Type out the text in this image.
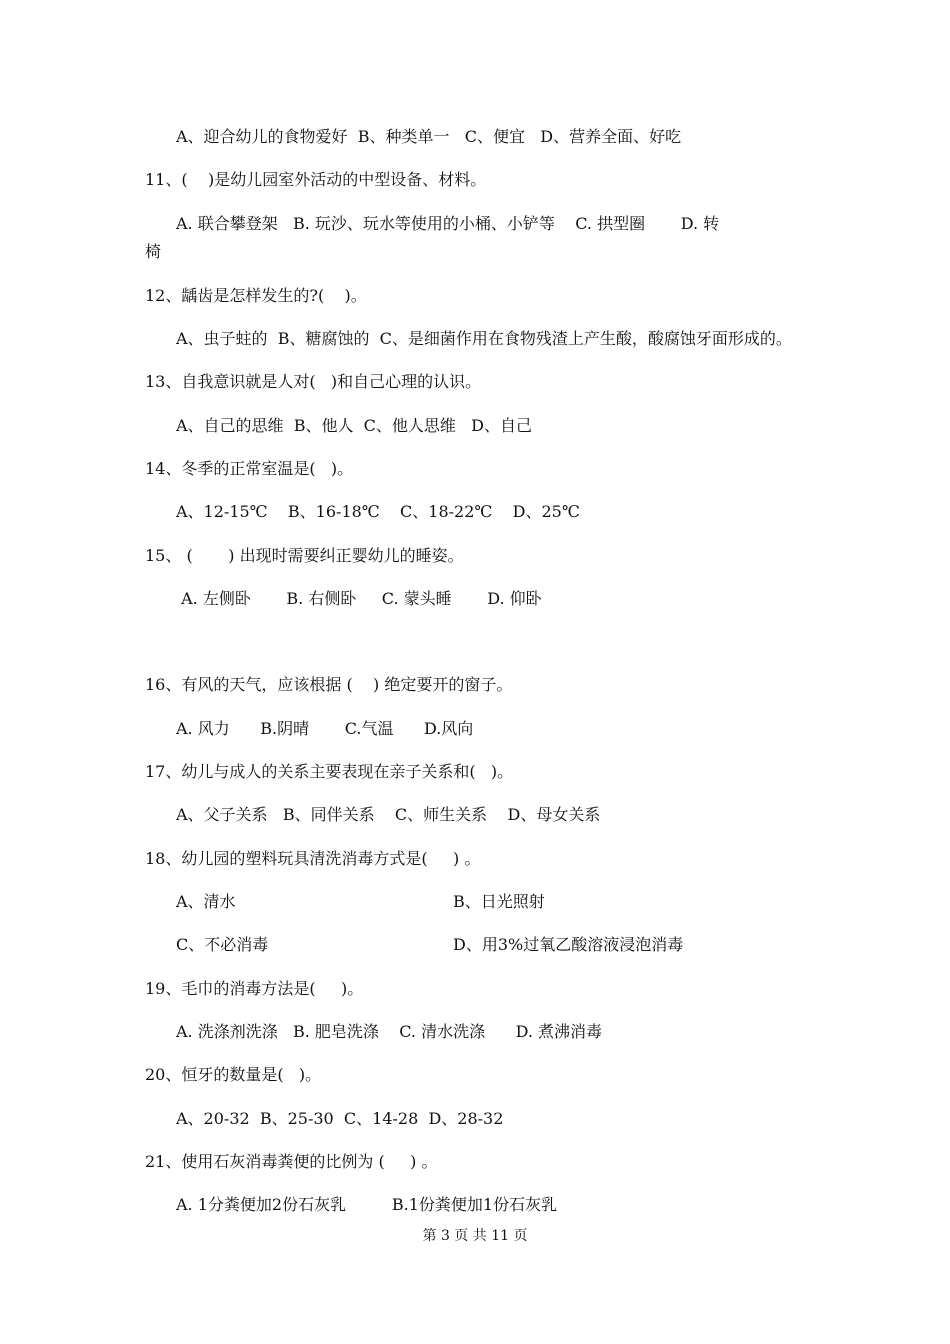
A、迎合幼儿的食物爱好  B、种类单一   C、便宜   D、营养全面、好吃
11、(    )是幼儿园室外活动的中型设备、材料。
A. 联合攀登架   B. 玩沙、玩水等使用的小桶、小铲等    C. 拱型圈       D. 转
椅
12、龋齿是怎样发生的?(    )。
A、虫子蛀的  B、糖腐蚀的  C、是细菌作用在食物残渣上产生酸，酸腐蚀牙面形成的。
13、自我意识就是人对(   )和自己心理的认识。
A、自己的思维  B、他人  C、他人思维   D、自己
14、冬季的正常室温是(   )。
A、12-15℃    B、16-18℃    C、18-22℃    D、25℃
15、 (       ) 出现时需要纠正婴幼儿的睡姿。
A. 左侧卧       B. 右侧卧     C. 蒙头睡       D. 仰卧
16、有风的天气，应该根据 (    ) 绝定要开的窗子。
A. 风力      B.阴晴       C.气温      D.风向
17、幼儿与成人的关系主要表现在亲子关系和(   )。
A、父子关系   B、同伴关系    C、师生关系    D、母女关系
18、幼儿园的塑料玩具清洗消毒方式是(     ) 。
A、清水	B、日光照射
C、不必消毒	D、用3%过氧乙酸溶液浸泡消毒
19、毛巾的消毒方法是(     )。
A. 洗涤剂洗涤   B. 肥皂洗涤    C. 清水洗涤      D. 煮沸消毒
20、恒牙的数量是(   )。
A、20-32  B、25-30  C、14-28  D、28-32
21、使用石灰消毒粪便的比例为 (     ) 。
A. 1分粪便加2份石灰乳         B.1份粪便加1份石灰乳
第 3 页 共 11 页
